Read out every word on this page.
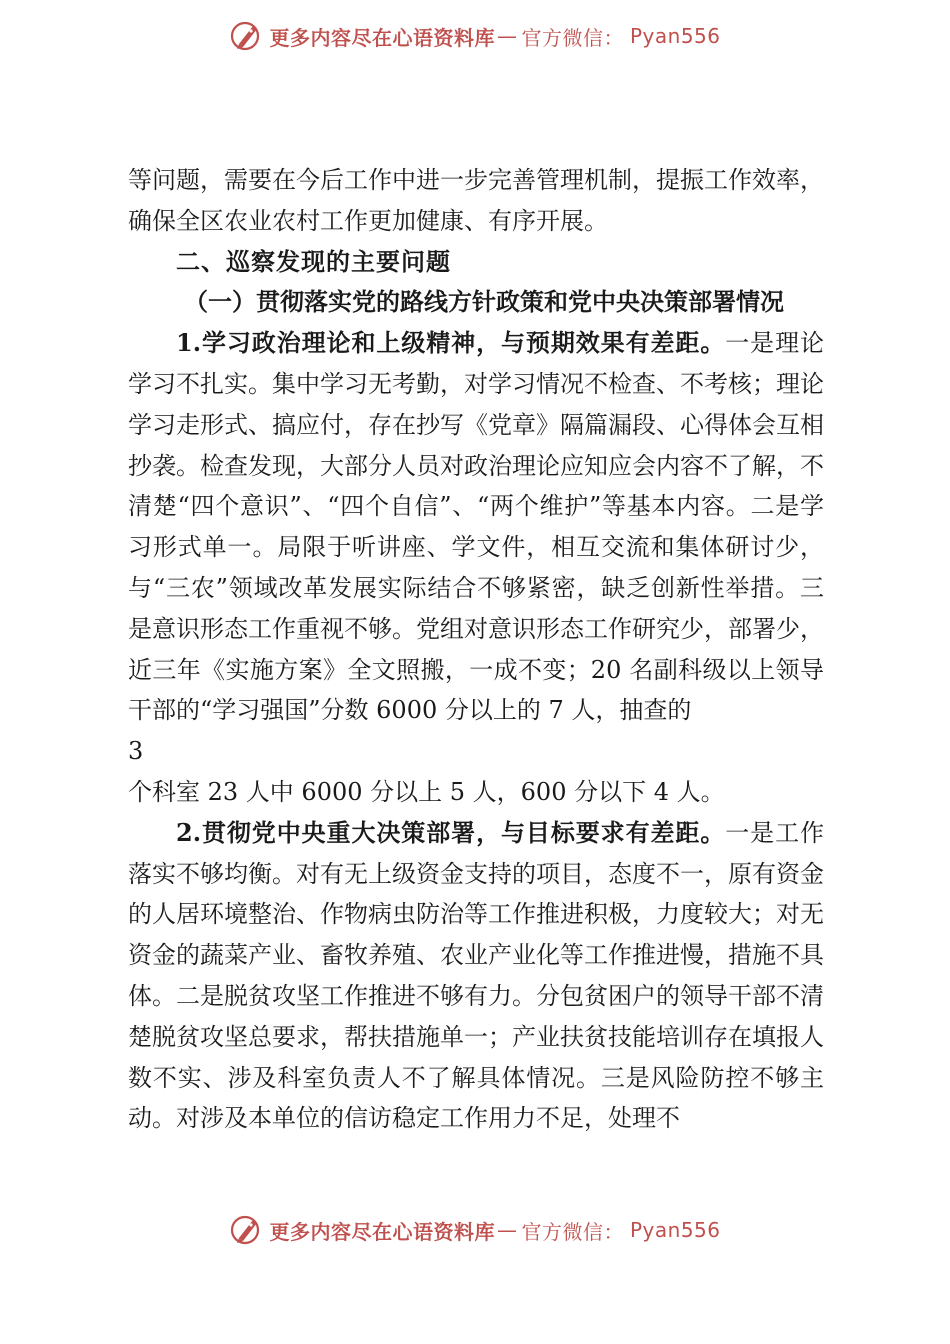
更多内容尽在心语资料库 — 官方微信： Pyan556

等问题，需要在今后工作中进一步完善管理机制，提振工作效率，确保全区农业农村工作更加健康、有序开展。

二、巡察发现的主要问题

（一）贯彻落实党的路线方针政策和党中央决策部署情况

1.学习政治理论和上级精神，与预期效果有差距。一是理论学习不扎实。集中学习无考勤，对学习情况不检查、不考核；理论学习走形式、搞应付，存在抄写《党章》隔篇漏段、心得体会互相抄袭。检查发现，大部分人员对政治理论应知应会内容不了解，不清楚“四个意识”、“四个自信”、“两个维护”等基本内容。二是学习形式单一。局限于听讲座、学文件，相互交流和集体研讨少，与“三农”领域改革发展实际结合不够紧密，缺乏创新性举措。三是意识形态工作重视不够。党组对意识形态工作研究少，部署少，近三年《实施方案》全文照搬，一成不变；20 名副科级以上领导干部的“学习强国”分数 6000 分以上的 7 人，抽查的

3

个科室 23 人中 6000 分以上 5 人，600 分以下 4 人。

2.贯彻党中央重大决策部署，与目标要求有差距。一是工作落实不够均衡。对有无上级资金支持的项目，态度不一，原有资金的人居环境整治、作物病虫防治等工作推进积极，力度较大；对无资金的蔬菜产业、畜牧养殖、农业产业化等工作推进慢，措施不具体。二是脱贫攻坚工作推进不够有力。分包贫困户的领导干部不清楚脱贫攻坚总要求，帮扶措施单一；产业扶贫技能培训存在填报人数不实、涉及科室负责人不了解具体情况。三是风险防控不够主动。对涉及本单位的信访稳定工作用力不足，处理不

更多内容尽在心语资料库 — 官方微信： Pyan556
